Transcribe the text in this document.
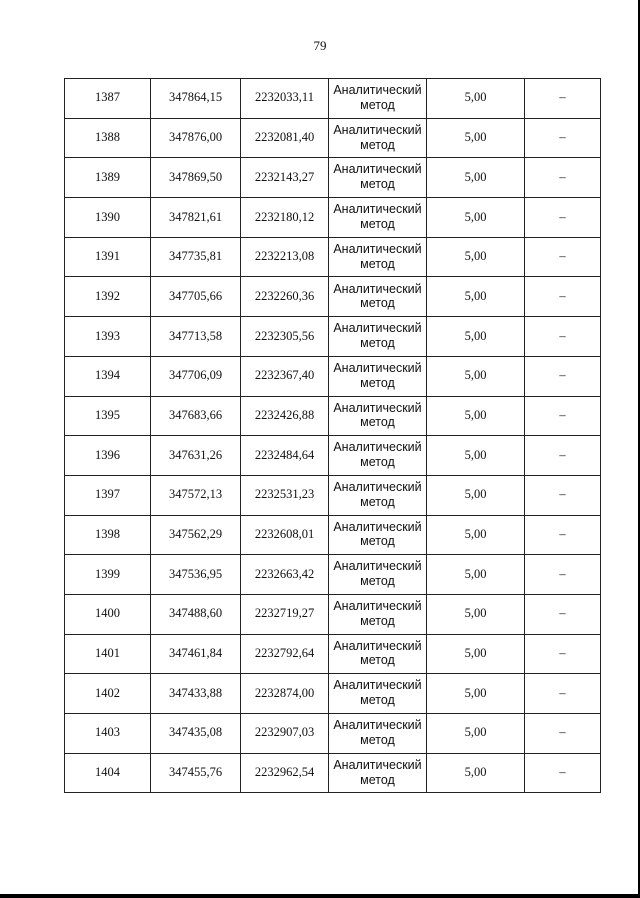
79
1387	347864,15	2232033,11	Аналитический
метод	5,00	–
1388	347876,00	2232081,40	Аналитический
метод	5,00	–
1389	347869,50	2232143,27	Аналитический
метод	5,00	–
1390	347821,61	2232180,12	Аналитический
метод	5,00	–
1391	347735,81	2232213,08	Аналитический
метод	5,00	–
1392	347705,66	2232260,36	Аналитический
метод	5,00	–
1393	347713,58	2232305,56	Аналитический
метод	5,00	–
1394	347706,09	2232367,40	Аналитический
метод	5,00	–
1395	347683,66	2232426,88	Аналитический
метод	5,00	–
1396	347631,26	2232484,64	Аналитический
метод	5,00	–
1397	347572,13	2232531,23	Аналитический
метод	5,00	–
1398	347562,29	2232608,01	Аналитический
метод	5,00	–
1399	347536,95	2232663,42	Аналитический
метод	5,00	–
1400	347488,60	2232719,27	Аналитический
метод	5,00	–
1401	347461,84	2232792,64	Аналитический
метод	5,00	–
1402	347433,88	2232874,00	Аналитический
метод	5,00	–
1403	347435,08	2232907,03	Аналитический
метод	5,00	–
1404	347455,76	2232962,54	Аналитический
метод	5,00	–
